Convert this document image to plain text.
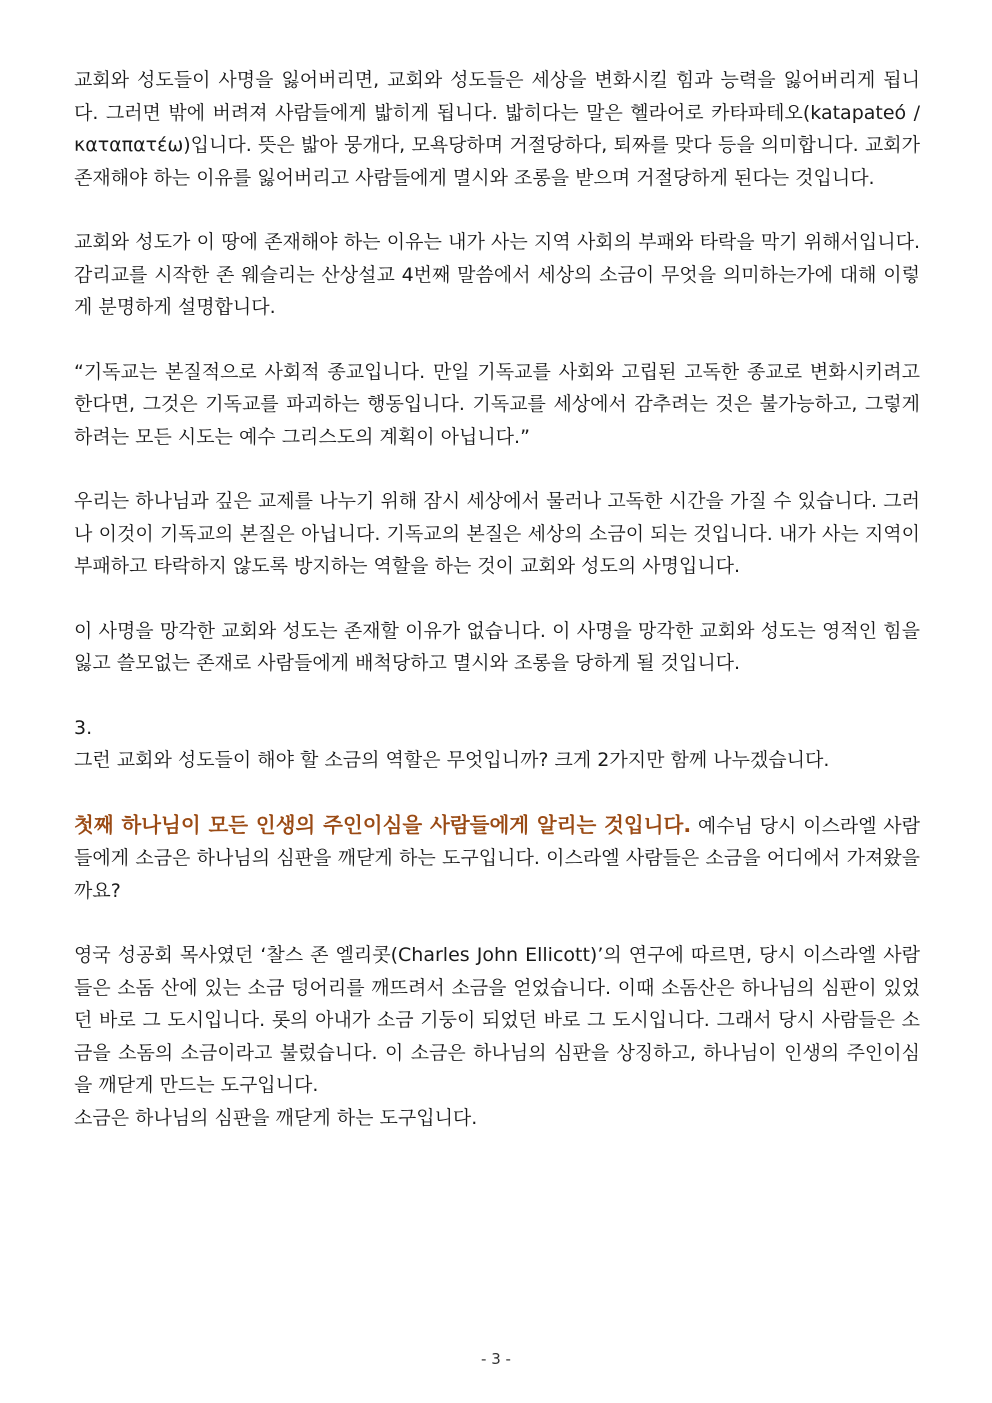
교회와 성도들이 사명을 잃어버리면, 교회와 성도들은 세상을 변화시킬 힘과 능력을 잃어버리게 됩니다. 그러면 밖에 버려져 사람들에게 밟히게 됩니다. 밟히다는 말은 헬라어로 카타파테오(katapateó / καταπατέω)입니다. 뜻은 밟아 뭉개다, 모욕당하며 거절당하다, 퇴짜를 맞다 등을 의미합니다. 교회가 존재해야 하는 이유를 잃어버리고 사람들에게 멸시와 조롱을 받으며 거절당하게 된다는 것입니다.

교회와 성도가 이 땅에 존재해야 하는 이유는 내가 사는 지역 사회의 부패와 타락을 막기 위해서입니다. 감리교를 시작한 존 웨슬리는 산상설교 4번째 말씀에서 세상의 소금이 무엇을 의미하는가에 대해 이렇게 분명하게 설명합니다.

“기독교는 본질적으로 사회적 종교입니다. 만일 기독교를 사회와 고립된 고독한 종교로 변화시키려고 한다면, 그것은 기독교를 파괴하는 행동입니다. 기독교를 세상에서 감추려는 것은 불가능하고, 그렇게 하려는 모든 시도는 예수 그리스도의 계획이 아닙니다.”

우리는 하나님과 깊은 교제를 나누기 위해 잠시 세상에서 물러나 고독한 시간을 가질 수 있습니다. 그러나 이것이 기독교의 본질은 아닙니다. 기독교의 본질은 세상의 소금이 되는 것입니다. 내가 사는 지역이 부패하고 타락하지 않도록 방지하는 역할을 하는 것이 교회와 성도의 사명입니다.

이 사명을 망각한 교회와 성도는 존재할 이유가 없습니다. 이 사명을 망각한 교회와 성도는 영적인 힘을 잃고 쓸모없는 존재로 사람들에게 배척당하고 멸시와 조롱을 당하게 될 것입니다.

3.
그런 교회와 성도들이 해야 할 소금의 역할은 무엇입니까? 크게 2가지만 함께 나누겠습니다.

첫째 하나님이 모든 인생의 주인이심을 사람들에게 알리는 것입니다. 예수님 당시 이스라엘 사람들에게 소금은 하나님의 심판을 깨닫게 하는 도구입니다. 이스라엘 사람들은 소금을 어디에서 가져왔을까요?

영국 성공회 목사였던 ‘찰스 존 엘리콧(Charles John Ellicott)’의 연구에 따르면, 당시 이스라엘 사람들은 소돔 산에 있는 소금 덩어리를 깨뜨려서 소금을 얻었습니다. 이때 소돔산은 하나님의 심판이 있었던 바로 그 도시입니다. 롯의 아내가 소금 기둥이 되었던 바로 그 도시입니다. 그래서 당시 사람들은 소금을 소돔의 소금이라고 불렀습니다. 이 소금은 하나님의 심판을 상징하고, 하나님이 인생의 주인이심을 깨닫게 만드는 도구입니다.

소금은 하나님의 심판을 깨닫게 하는 도구입니다.

- 3 -
